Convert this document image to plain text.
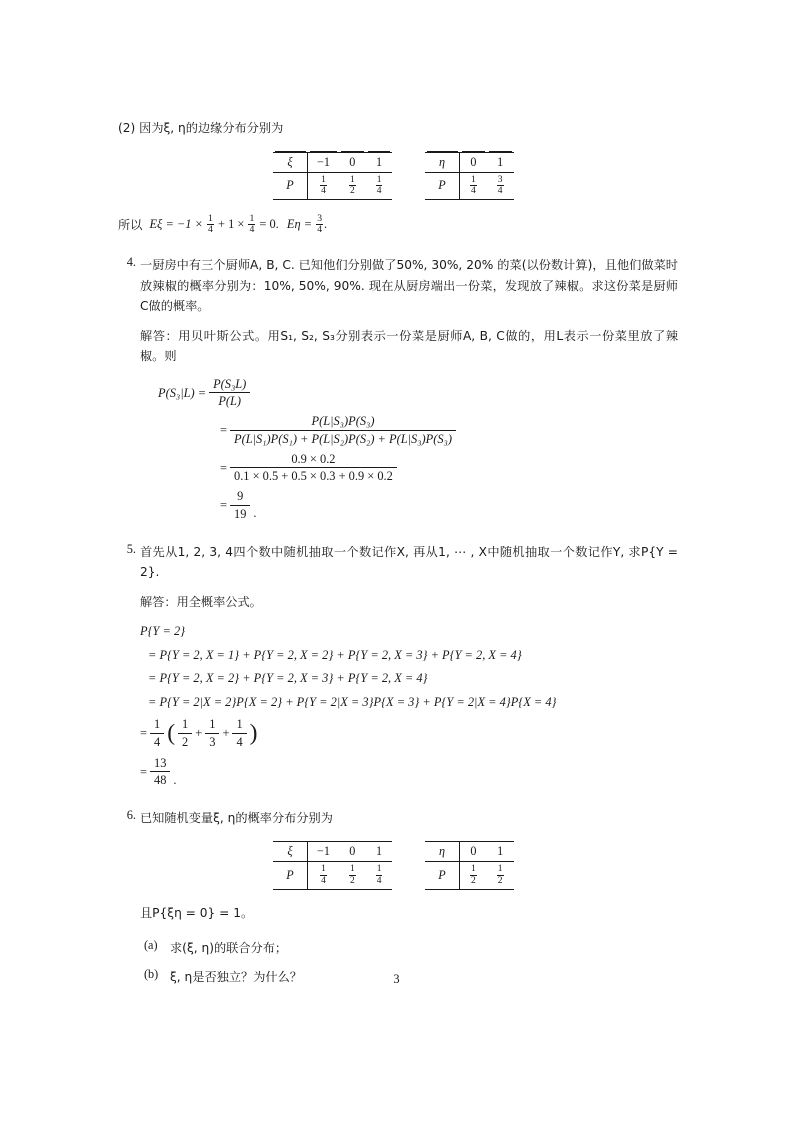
(2) 因为ξ, η的边缘分布分别为
ξ	−1	0	1
P	$\frac{1}{4}$	$\frac{1}{2}$	$\frac{1}{4}$
η	0	1
P	$\frac{1}{4}$	$\frac{3}{4}$
所以 $E\xi = -1 \times \frac{1}{4} + 1 \times \frac{1}{4} = 0$. $E\eta = \frac{3}{4}$ .
4. 一厨房中有三个厨师A, B, C. 已知他们分别做了50%, 30%, 20% 的菜(以份数计算)，且他们做菜时放辣椒的概率分别为：10%, 50%, 90%. 现在从厨房端出一份菜，发现放了辣椒。求这份菜是厨师C做的概率。
解答：用贝叶斯公式。用S₁, S₂, S₃分别表示一份菜是厨师A, B, C做的，用L表示一份菜里放了辣椒。则
$P(S_3|L) = \frac{\text{P(S₃L)}}{P(L)}$
= $\frac{\text{P(L|S₃)P(S₃)}}{\text{P(L|S₁)P(S₁) + P(L|S₂)P(S₂) + P(L|S₃)P(S₃)}}$
= $\frac{0.9 \times 0.2}{0.1 \times 0.5 + 0.5 \times 0.3 + 0.9 \times 0.2}$
= $\frac{9}{19}$ .
5. 首先从1, 2, 3, 4四个数中随机抽取一个数记作X, 再从1, ⋯ , X中随机抽取一个数记作Y, 求P{Y = 2}.
解答：用全概率公式。
P{Y = 2}
= P{Y = 2, X = 1} + P{Y = 2, X = 2} + P{Y = 2, X = 3} + P{Y = 2, X = 4}
= P{Y = 2, X = 2} + P{Y = 2, X = 3} + P{Y = 2, X = 4}
= P{Y = 2|X = 2}P{X = 2} + P{Y = 2|X = 3}P{X = 3} + P{Y = 2|X = 4}P{X = 4}
= $\frac{1}{4}$ ( $\frac{1}{2} + \frac{1}{3} + \frac{1}{4}$ )
= $\frac{13}{48}$ .
6. 已知随机变量ξ, η的概率分布分别为
ξ	−1	0	1
P	$\frac{1}{4}$	$\frac{1}{2}$	$\frac{1}{4}$
η	0	1
P	$\frac{1}{2}$	$\frac{1}{2}$
且P{ξη = 0} = 1。
(a) 求(ξ, η)的联合分布；
(b) ξ, η是否独立？为什么？	3
